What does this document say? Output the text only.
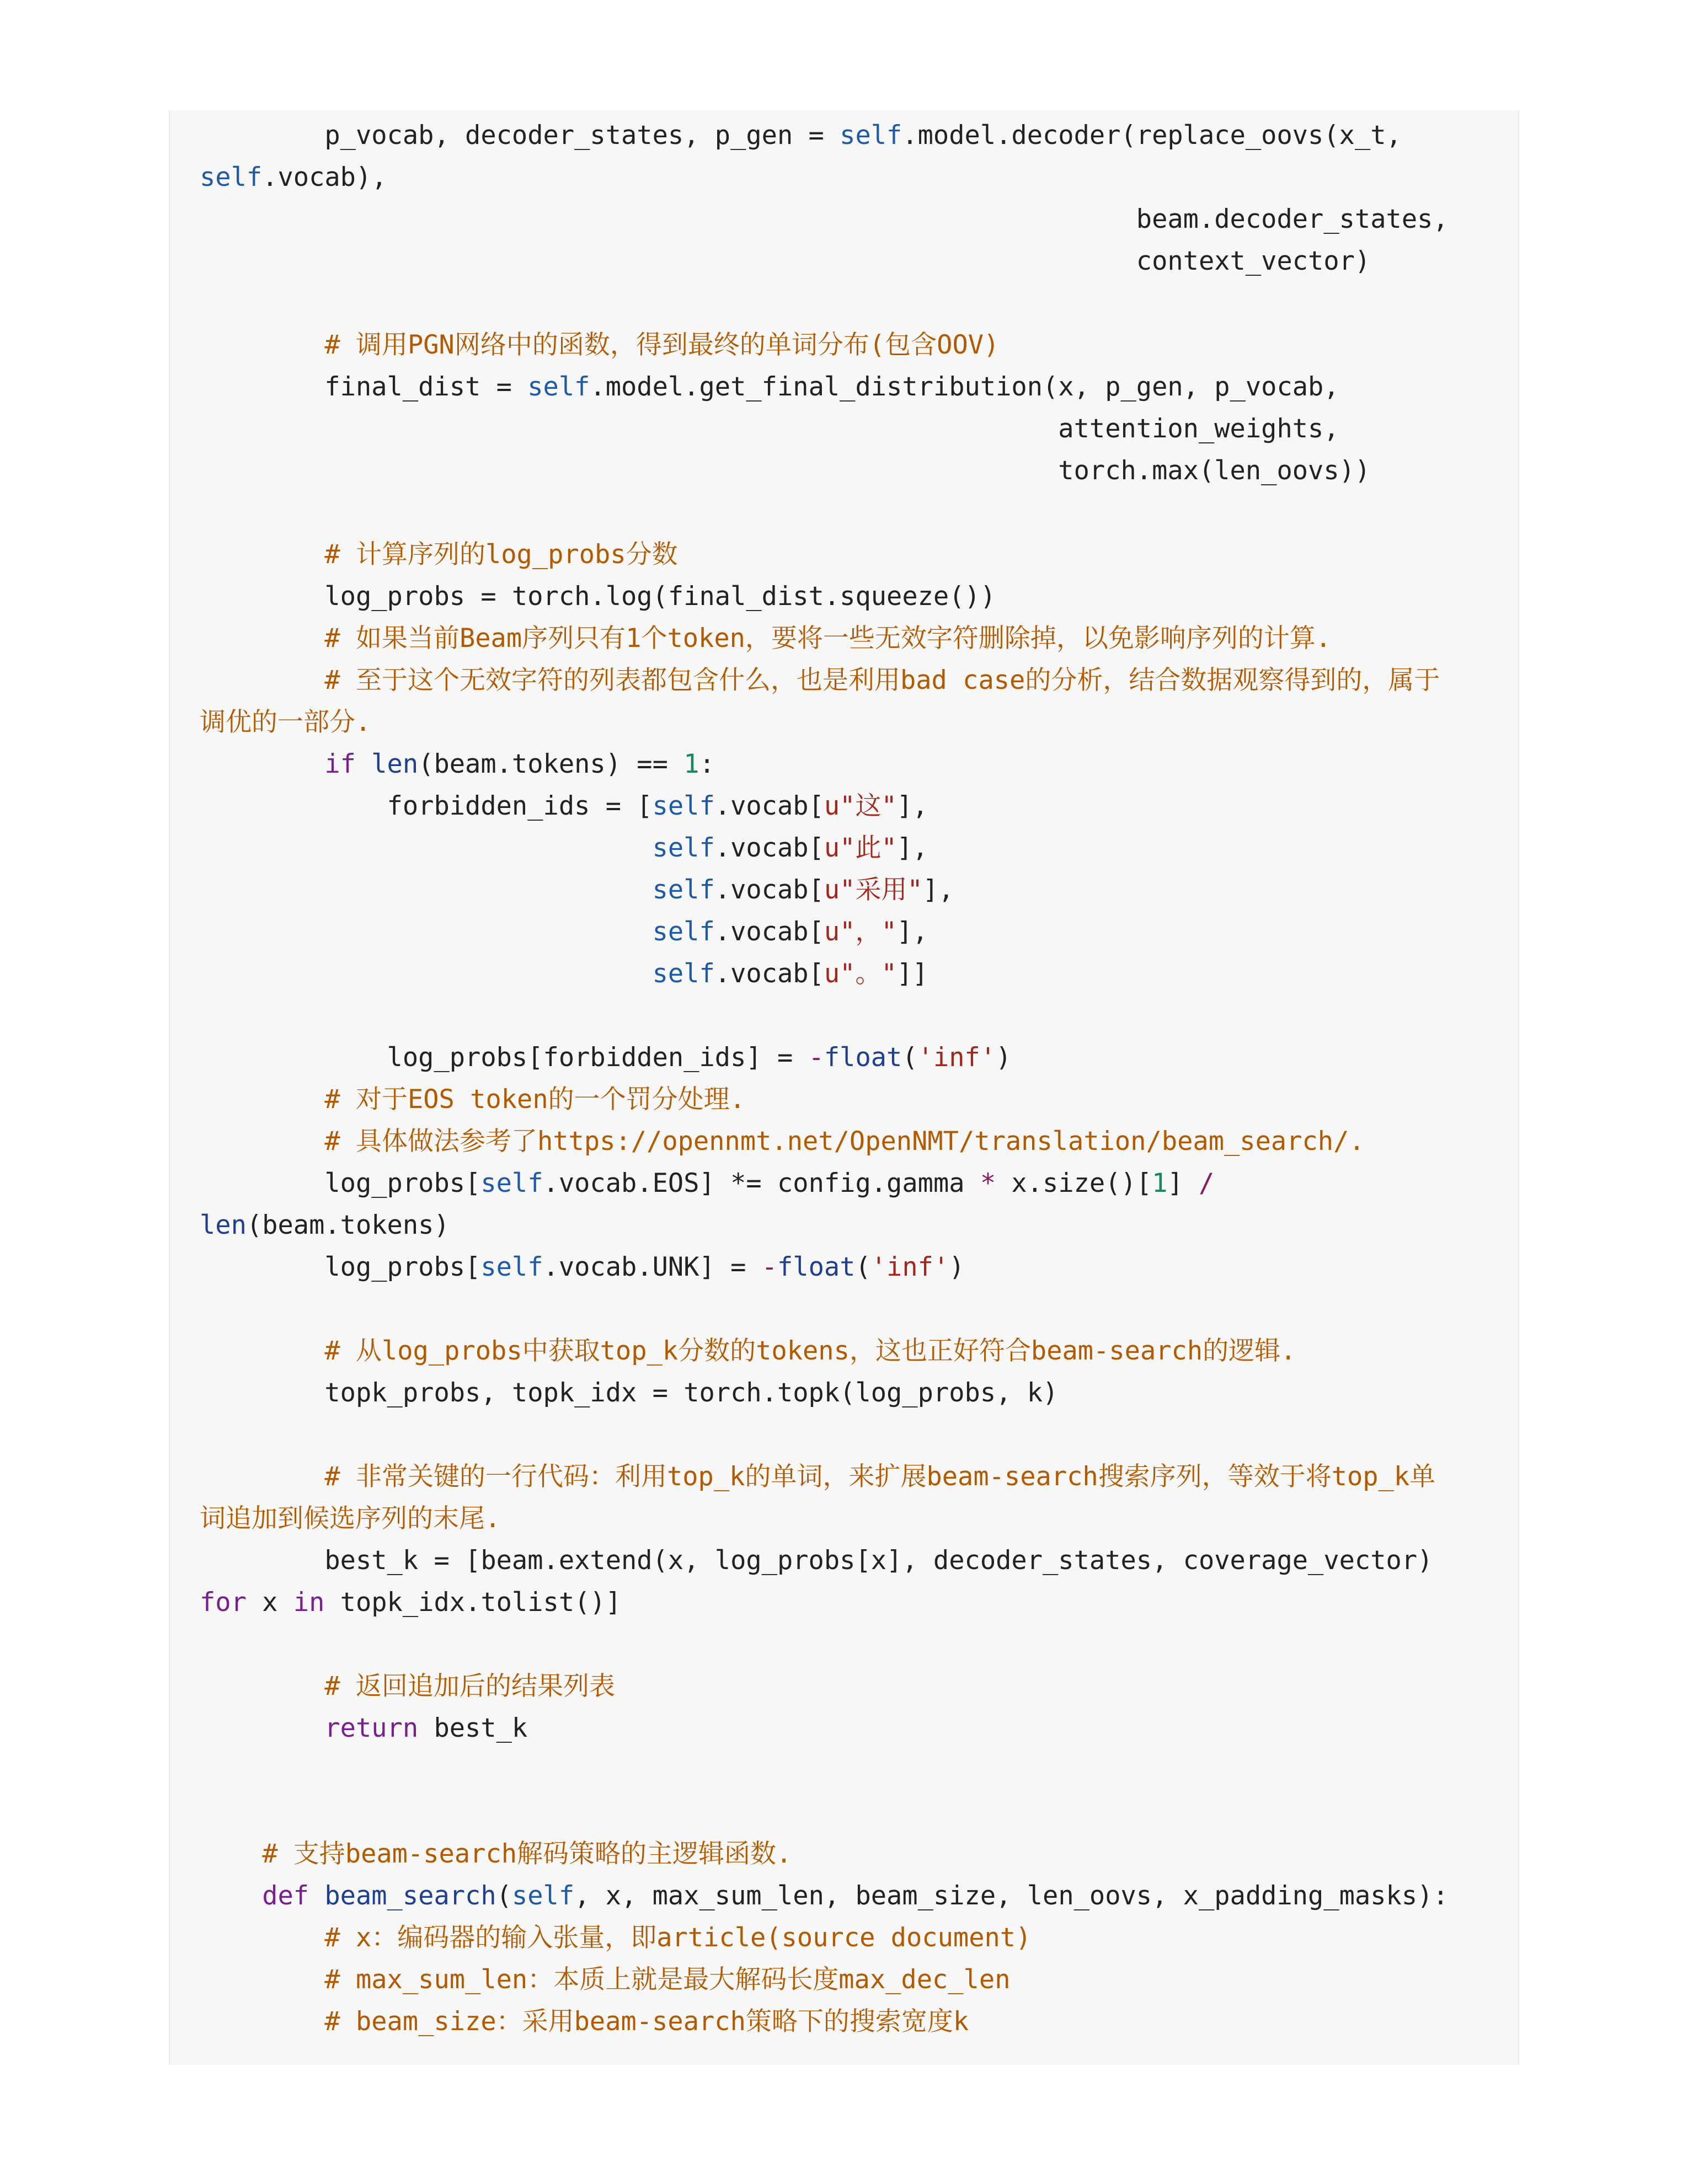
p_vocab, decoder_states, p_gen = self.model.decoder(replace_oovs(x_t,
self.vocab),
beam.decoder_states,
context_vector)
# 调用PGN网络中的函数，得到最终的单词分布(包含OOV)
final_dist = self.model.get_final_distribution(x, p_gen, p_vocab,
attention_weights,
torch.max(len_oovs))
# 计算序列的log_probs分数
log_probs = torch.log(final_dist.squeeze())
# 如果当前Beam序列只有1个token，要将一些无效字符删除掉，以免影响序列的计算.
# 至于这个无效字符的列表都包含什么，也是利用bad case的分析，结合数据观察得到的，属于
调优的一部分.
if len(beam.tokens) == 1:
forbidden_ids = [self.vocab[u"这"],
self.vocab[u"此"],
self.vocab[u"采用"],
self.vocab[u"，"],
self.vocab[u"。"]]
log_probs[forbidden_ids] = -float('inf')
# 对于EOS token的一个罚分处理.
# 具体做法参考了https://opennmt.net/OpenNMT/translation/beam_search/.
log_probs[self.vocab.EOS] *= config.gamma * x.size()[1] /
len(beam.tokens)
log_probs[self.vocab.UNK] = -float('inf')
# 从log_probs中获取top_k分数的tokens，这也正好符合beam-search的逻辑.
topk_probs, topk_idx = torch.topk(log_probs, k)
# 非常关键的一行代码：利用top_k的单词，来扩展beam-search搜索序列，等效于将top_k单
词追加到候选序列的末尾.
best_k = [beam.extend(x, log_probs[x], decoder_states, coverage_vector)
for x in topk_idx.tolist()]
# 返回追加后的结果列表
return best_k
# 支持beam-search解码策略的主逻辑函数.
def beam_search(self, x, max_sum_len, beam_size, len_oovs, x_padding_masks):
# x：编码器的输入张量，即article(source document)
# max_sum_len：本质上就是最大解码长度max_dec_len
# beam_size：采用beam-search策略下的搜索宽度k
